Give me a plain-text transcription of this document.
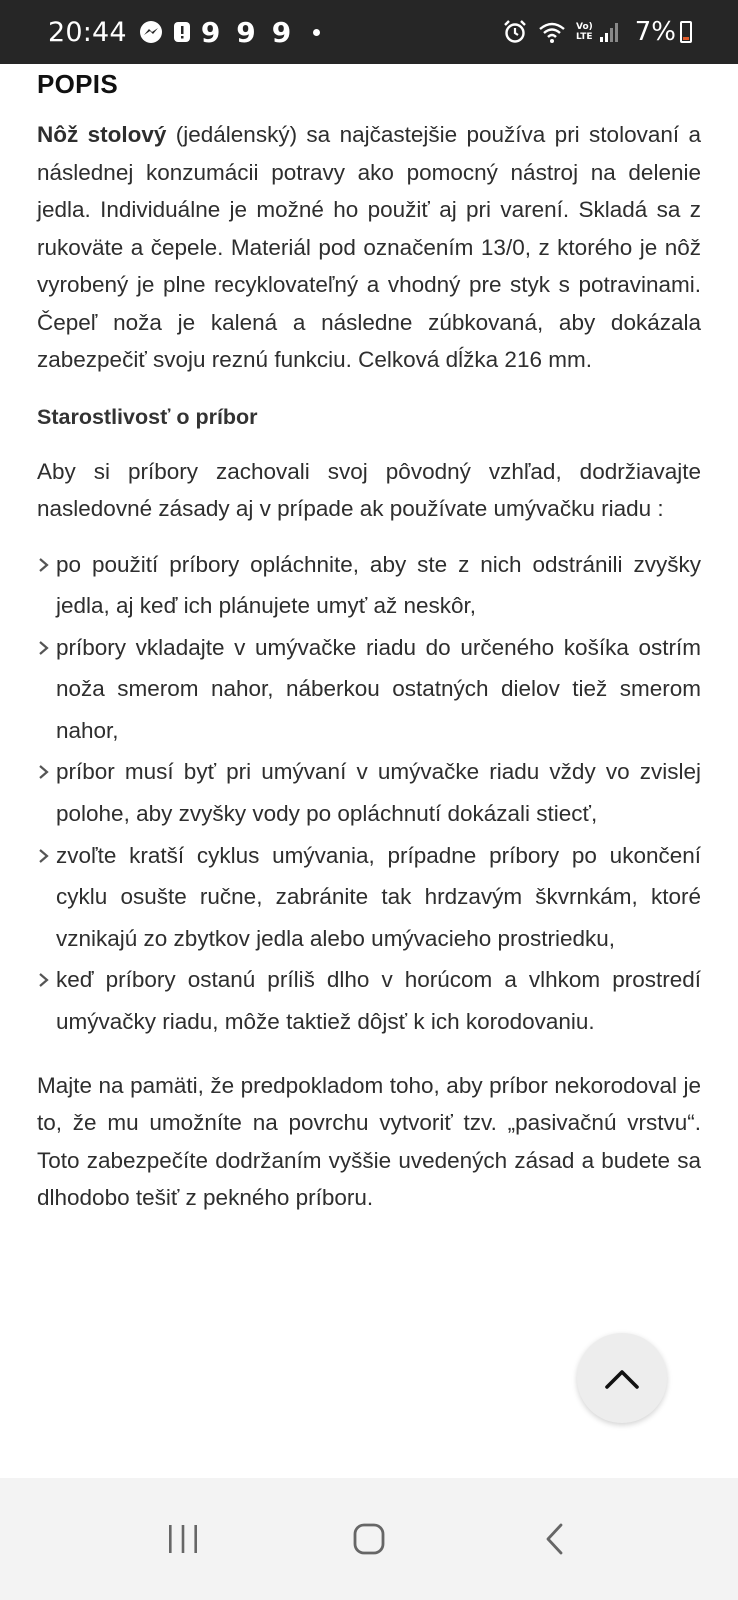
20:44	9 9 9	Vo)
LTE 7%
POPIS

Nôž stolový (jedálenský) sa najčastejšie používa pri stolovaní a následnej konzumácii potravy ako pomocný nástroj na delenie jedla. Individuálne je možné ho použiť aj pri varení. Skladá sa z rukoväte a čepele. Materiál pod označením 13/0, z ktorého je nôž vyrobený je plne recyklovateľný a vhodný pre styk s potravinami. Čepeľ noža je kalená a následne zúbkovaná, aby dokázala zabezpečiť svoju reznú funkciu. Celková dĺžka 216 mm.

Starostlivosť o príbor

Aby si príbory zachovali svoj pôvodný vzhľad, dodržiavajte nasledovné zásady aj v prípade ak používate umývačku riadu :

po použití príbory opláchnite, aby ste z nich odstránili zvyšky jedla, aj keď ich plánujete umyť až neskôr,
príbory vkladajte v umývačke riadu do určeného košíka ostrím noža smerom nahor, náberkou ostatných dielov tiež smerom nahor,
príbor musí byť pri umývaní v umývačke riadu vždy vo zvislej polohe, aby zvyšky vody po opláchnutí dokázali stiecť,
zvoľte kratší cyklus umývania, prípadne príbory po ukončení cyklu osušte ručne, zabránite tak hrdzavým škvrnkám, ktoré vznikajú zo zbytkov jedla alebo umývacieho prostriedku,
keď príbory ostanú príliš dlho v horúcom a vlhkom prostredí umývačky riadu, môže taktiež dôjsť k ich korodovaniu.

Majte na pamäti, že predpokladom toho, aby príbor nekorodoval je to, že mu umožníte na povrchu vytvoriť tzv. „pasivačnú vrstvu“. Toto zabezpečíte dodržaním vyššie uvedených zásad a budete sa dlhodobo tešiť z pekného príboru.
